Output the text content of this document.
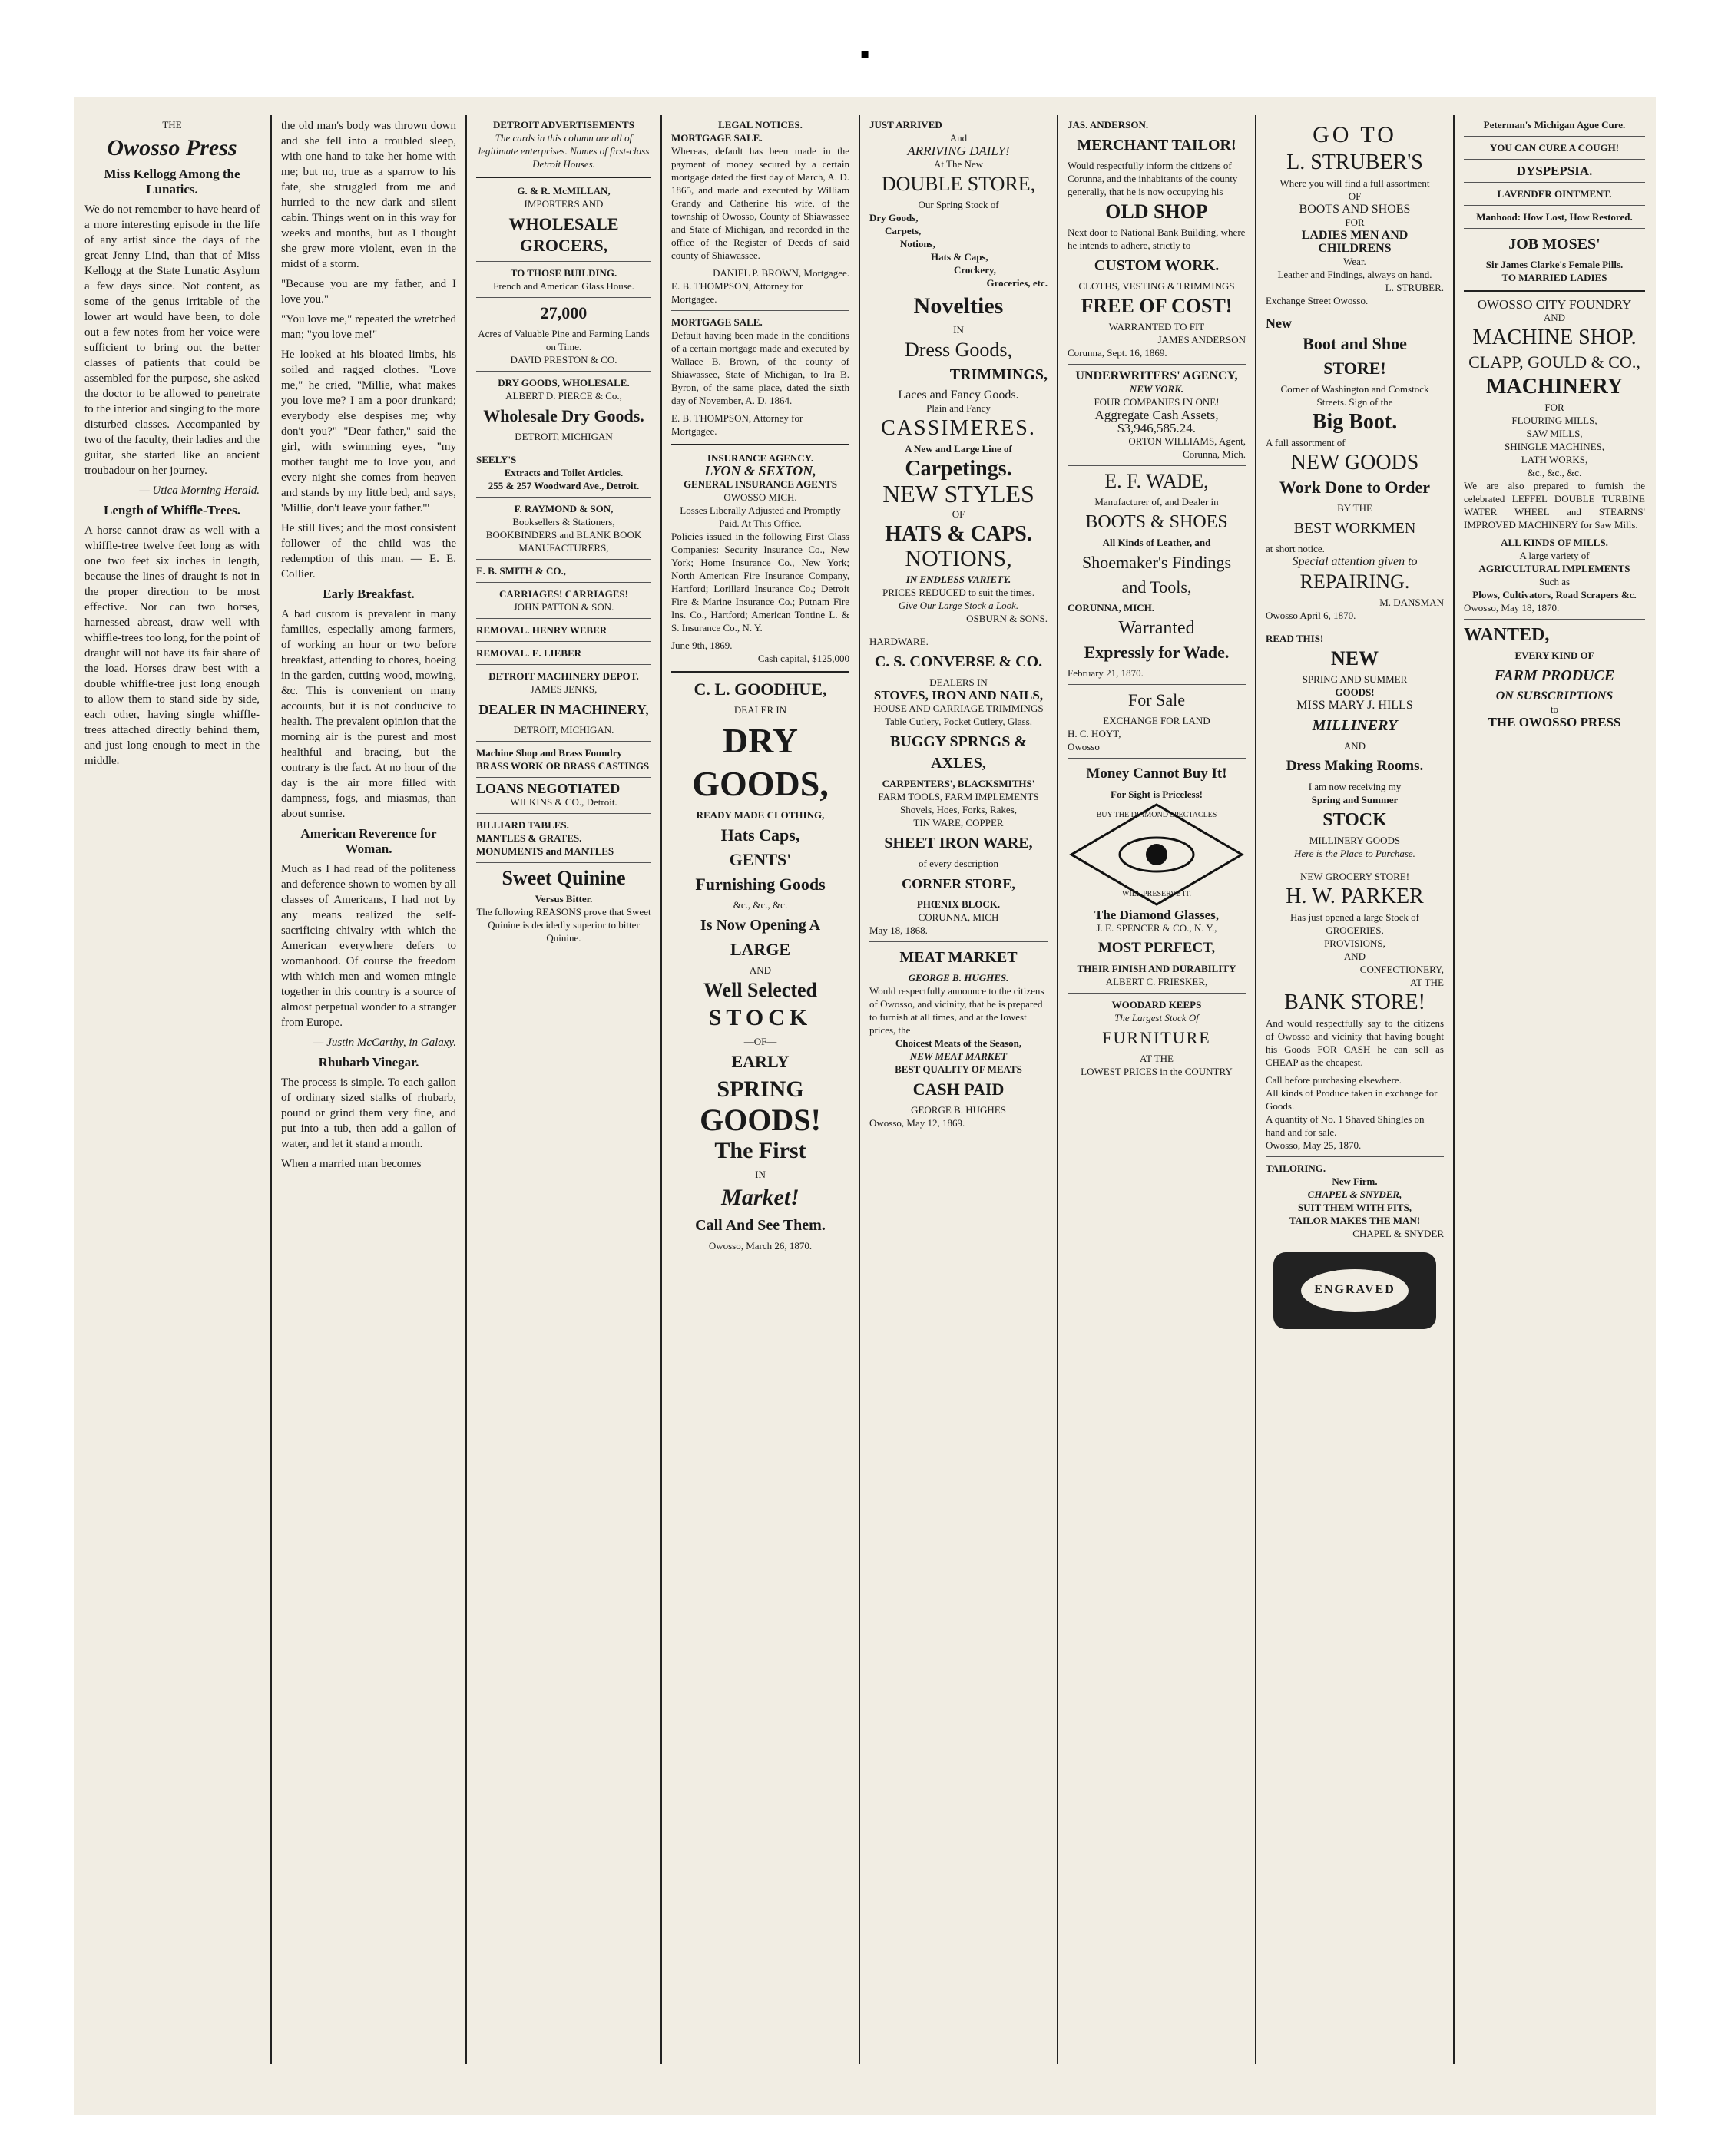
▪
THE
Owosso Press
Miss Kellogg Among the Lunatics.

We do not remember to have heard of a more interesting episode in the life of any artist since the days of the great Jenny Lind, than that of Miss Kellogg at the State Lunatic Asylum a few days since. Not content, as some of the genus irritable of the lower art would have been, to dole out a few notes from her voice were sufficient to bring out the better classes of patients that could be assembled for the purpose, she asked the doctor to be allowed to penetrate to the interior and singing to the more disturbed classes. Accompanied by two of the faculty, their ladies and the guitar, she started like an ancient troubadour on her journey.

— Utica Morning Herald.

Length of Whiffle-Trees.

A horse cannot draw as well with a whiffle-tree twelve feet long as with one two feet six inches in length, because the lines of draught is not in the proper direction to be most effective. Nor can two horses, harnessed abreast, draw well with whiffle-trees too long, for the point of draught will not have its fair share of the load. Horses draw best with a double whiffle-tree just long enough to allow them to stand side by side, each other, having single whiffle-trees attached directly behind them, and just long enough to meet in the middle.

the old man's body was thrown down and she fell into a troubled sleep, with one hand to take her home with me; but no, true as a sparrow to his fate, she struggled from me and hurried to the new dark and silent cabin. Things went on in this way for weeks and months, but as I thought she grew more violent, even in the midst of a storm.

"Because you are my father, and I love you."

"You love me," repeated the wretched man; "you love me!"

He looked at his bloated limbs, his soiled and ragged clothes. "Love me," he cried, "Millie, what makes you love me? I am a poor drunkard; everybody else despises me; why don't you?" "Dear father," said the girl, with swimming eyes, "my mother taught me to love you, and every night she comes from heaven and stands by my little bed, and says, 'Millie, don't leave your father.'"

He still lives; and the most consistent follower of the child was the redemption of this man. — E. E. Collier.

Early Breakfast.

A bad custom is prevalent in many families, especially among farmers, of working an hour or two before breakfast, attending to chores, hoeing in the garden, cutting wood, mowing, &c. This is convenient on many accounts, but it is not conducive to health. The prevalent opinion that the morning air is the purest and most healthful and bracing, but the contrary is the fact. At no hour of the day is the air more filled with dampness, fogs, and miasmas, than about sunrise.

American Reverence for Woman.

Much as I had read of the politeness and deference shown to women by all classes of Americans, I had not by any means realized the self-sacrificing chivalry with which the American everywhere defers to womanhood. Of course the freedom with which men and women mingle together in this country is a source of almost perpetual wonder to a stranger from Europe.

— Justin McCarthy, in Galaxy.

Rhubarb Vinegar.

The process is simple. To each gallon of ordinary sized stalks of rhubarb, pound or grind them very fine, and put into a tub, then add a gallon of water, and let it stand a month.

When a married man becomes

DETROIT ADVERTISEMENTS
The cards in this column are all of legitimate enterprises. Names of first-class Detroit Houses.
G. & R. McMILLAN,
IMPORTERS AND
WHOLESALE GROCERS,
TO THOSE BUILDING.
French and American Glass House.
27,000
Acres of Valuable Pine and Farming Lands on Time.
DAVID PRESTON & CO.
DRY GOODS, WHOLESALE.
ALBERT D. PIERCE & Co.,
Wholesale Dry Goods.
DETROIT, MICHIGAN
SEELY'S
Extracts and Toilet Articles.
255 & 257 Woodward Ave., Detroit.
F. RAYMOND & SON,
Booksellers & Stationers, BOOKBINDERS and BLANK BOOK MANUFACTURERS,
E. B. SMITH & CO.,
CARRIAGES! CARRIAGES!
JOHN PATTON & SON.
REMOVAL. HENRY WEBER
REMOVAL. E. LIEBER
DETROIT MACHINERY DEPOT.
JAMES JENKS,
DEALER IN MACHINERY,
DETROIT, MICHIGAN.
Machine Shop and Brass Foundry
BRASS WORK OR BRASS CASTINGS
LOANS NEGOTIATED
WILKINS & CO., Detroit.
BILLIARD TABLES.
MANTLES & GRATES.
MONUMENTS and MANTLES
Sweet Quinine
Versus Bitter.
The following REASONS prove that Sweet Quinine is decidedly superior to bitter Quinine.
LEGAL NOTICES.
MORTGAGE SALE.

Whereas, default has been made in the payment of money secured by a certain mortgage dated the first day of March, A. D. 1865, and made and executed by William Grandy and Catherine his wife, of the township of Owosso, County of Shiawassee and State of Michigan, and recorded in the office of the Register of Deeds of said county of Shiawassee.

DANIEL P. BROWN, Mortgagee.
E. B. THOMPSON, Attorney for Mortgagee.
MORTGAGE SALE.

Default having been made in the conditions of a certain mortgage made and executed by Wallace B. Brown, of the county of Shiawassee, State of Michigan, to Ira B. Byron, of the same place, dated the sixth day of November, A. D. 1864.

E. B. THOMPSON, Attorney for Mortgagee.
INSURANCE AGENCY.
LYON & SEXTON,
GENERAL INSURANCE AGENTS
OWOSSO MICH.
Losses Liberally Adjusted and Promptly Paid. At This Office.

Policies issued in the following First Class Companies: Security Insurance Co., New York; Home Insurance Co., New York; North American Fire Insurance Company, Hartford; Lorillard Insurance Co.; Detroit Fire & Marine Insurance Co.; Putnam Fire Ins. Co., Hartford; American Tontine L. & S. Insurance Co., N. Y.

June 9th, 1869.
Cash capital, $125,000
C. L. GOODHUE,
DEALER IN
DRY GOODS,
READY MADE CLOTHING,
Hats Caps,
GENTS'
Furnishing Goods
&c., &c., &c.
Is Now Opening A
LARGE
AND
Well Selected
STOCK
—OF—
EARLY
SPRING
GOODS!
The First
IN
Market!
Call And See Them.
Owosso, March 26, 1870.
JUST ARRIVED
And
ARRIVING DAILY!
At The New
DOUBLE STORE,
Our Spring Stock of
Dry Goods,
Carpets,
Notions,
Hats & Caps,
Crockery,
Groceries, etc.
Novelties
IN
Dress Goods,
TRIMMINGS,
Laces and Fancy Goods.
Plain and Fancy
CASSIMERES.
A New and Large Line of
Carpetings.
NEW STYLES
OF
HATS & CAPS.
NOTIONS,
IN ENDLESS VARIETY.
PRICES REDUCED to suit the times.
Give Our Large Stock a Look.
OSBURN & SONS.
HARDWARE.
C. S. CONVERSE & CO.
DEALERS IN
STOVES, IRON AND NAILS,
HOUSE AND CARRIAGE TRIMMINGS Table Cutlery, Pocket Cutlery, Glass.
BUGGY SPRNGS & AXLES,
CARPENTERS', BLACKSMITHS'
FARM TOOLS, FARM IMPLEMENTS
Shovels, Hoes, Forks, Rakes,
TIN WARE, COPPER
SHEET IRON WARE,
of every description
CORNER STORE,
PHŒNIX BLOCK.
CORUNNA, MICH
May 18, 1868.
MEAT MARKET
GEORGE B. HUGHES.
Would respectfully announce to the citizens of Owosso, and vicinity, that he is prepared to furnish at all times, and at the lowest prices, the
Choicest Meats of the Season,
NEW MEAT MARKET
BEST QUALITY OF MEATS
CASH PAID
GEORGE B. HUGHES
Owosso, May 12, 1869.
JAS. ANDERSON.
MERCHANT TAILOR!
Would respectfully inform the citizens of Corunna, and the inhabitants of the county generally, that he is now occupying his
OLD SHOP
Next door to National Bank Building, where he intends to adhere, strictly to
CUSTOM WORK.
CLOTHS, VESTING & TRIMMINGS
FREE OF COST!
WARRANTED TO FIT
JAMES ANDERSON
Corunna, Sept. 16, 1869.
UNDERWRITERS' AGENCY,
NEW YORK.
FOUR COMPANIES IN ONE!
Aggregate Cash Assets,
$3,946,585.24.
ORTON WILLIAMS, Agent,
Corunna, Mich.
E. F. WADE,
Manufacturer of, and Dealer in
BOOTS & SHOES
All Kinds of Leather, and
Shoemaker's Findings
and Tools,
CORUNNA, MICH.
Warranted
Expressly for Wade.
February 21, 1870.
For Sale
EXCHANGE FOR LAND
H. C. HOYT,
Owosso
Money Cannot Buy It!
For Sight is Priceless!
BUY THE DIAMOND SPECTACLES
WILL PRESERVE IT.
The Diamond Glasses,
J. E. SPENCER & CO., N. Y.,
MOST PERFECT,
THEIR FINISH AND DURABILITY
ALBERT C. FRIESKER,
WOODARD KEEPS
The Largest Stock Of
FURNITURE
AT THE
LOWEST PRICES in the COUNTRY
GO TO
L. STRUBER'S
Where you will find a full assortment
OF
BOOTS AND SHOES
FOR
LADIES MEN AND CHILDRENS
Wear.
Leather and Findings, always on hand.
L. STRUBER.
Exchange Street Owosso.
New
Boot and Shoe
STORE!
Corner of Washington and Comstock Streets. Sign of the
Big Boot.
A full assortment of
NEW GOODS
Work Done to Order
BY THE
BEST WORKMEN
at short notice.
Special attention given to
REPAIRING.
M. DANSMAN
Owosso April 6, 1870.
READ THIS!
NEW
SPRING AND SUMMER
GOODS!
MISS MARY J. HILLS
MILLINERY
AND
Dress Making Rooms.
I am now receiving my
Spring and Summer
STOCK
MILLINERY GOODS
Here is the Place to Purchase.
NEW GROCERY STORE!
H. W. PARKER
Has just opened a large Stock of
GROCERIES,
PROVISIONS,
AND
CONFECTIONERY,
AT THE
BANK STORE!

And would respectfully say to the citizens of Owosso and vicinity that having bought his Goods FOR CASH he can sell as CHEAP as the cheapest.

Call before purchasing elsewhere.
All kinds of Produce taken in exchange for Goods.
A quantity of No. 1 Shaved Shingles on hand and for sale.
Owosso, May 25, 1870.
TAILORING.
New Firm.
CHAPEL & SNYDER,
SUIT THEM WITH FITS,
TAILOR MAKES THE MAN!
CHAPEL & SNYDER
ENGRAVED
Peterman's Michigan Ague Cure.
YOU CAN CURE A COUGH!
DYSPEPSIA.
LAVENDER OINTMENT.
Manhood: How Lost, How Restored.
JOB MOSES'
Sir James Clarke's Female Pills.
TO MARRIED LADIES
OWOSSO CITY FOUNDRY
AND
MACHINE SHOP.
CLAPP, GOULD & CO.,
MACHINERY
FOR
FLOURING MILLS,
SAW MILLS,
SHINGLE MACHINES,
LATH WORKS,
&c., &c., &c.

We are also prepared to furnish the celebrated LEFFEL DOUBLE TURBINE WATER WHEEL and STEARNS' IMPROVED MACHINERY for Saw Mills.

ALL KINDS OF MILLS.
A large variety of
AGRICULTURAL IMPLEMENTS
Such as
Plows, Cultivators, Road Scrapers &c.
Owosso, May 18, 1870.
WANTED,
EVERY KIND OF
FARM PRODUCE
ON SUBSCRIPTIONS
to
THE OWOSSO PRESS
